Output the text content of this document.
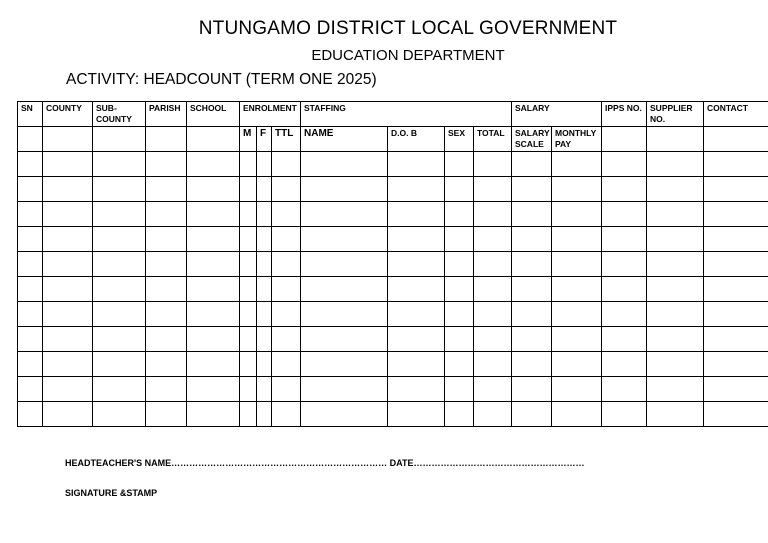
NTUNGAMO DISTRICT LOCAL GOVERNMENT
EDUCATION DEPARTMENT
ACTIVITY: HEADCOUNT (TERM ONE 2025)
SN	COUNTY	SUB-COUNTY	PARISH	SCHOOL	ENROLMENT			STAFFING				SALARY		IPPS NO.	SUPPLIER NO.	CONTACT
					M	F	TTL	NAME	D.O. B	SEX	TOTAL	SALARY SCALE	MONTHLY PAY			

HEADTEACHER'S NAME……………………………………………………………… DATE…………………………………………………
SIGNATURE &STAMP
